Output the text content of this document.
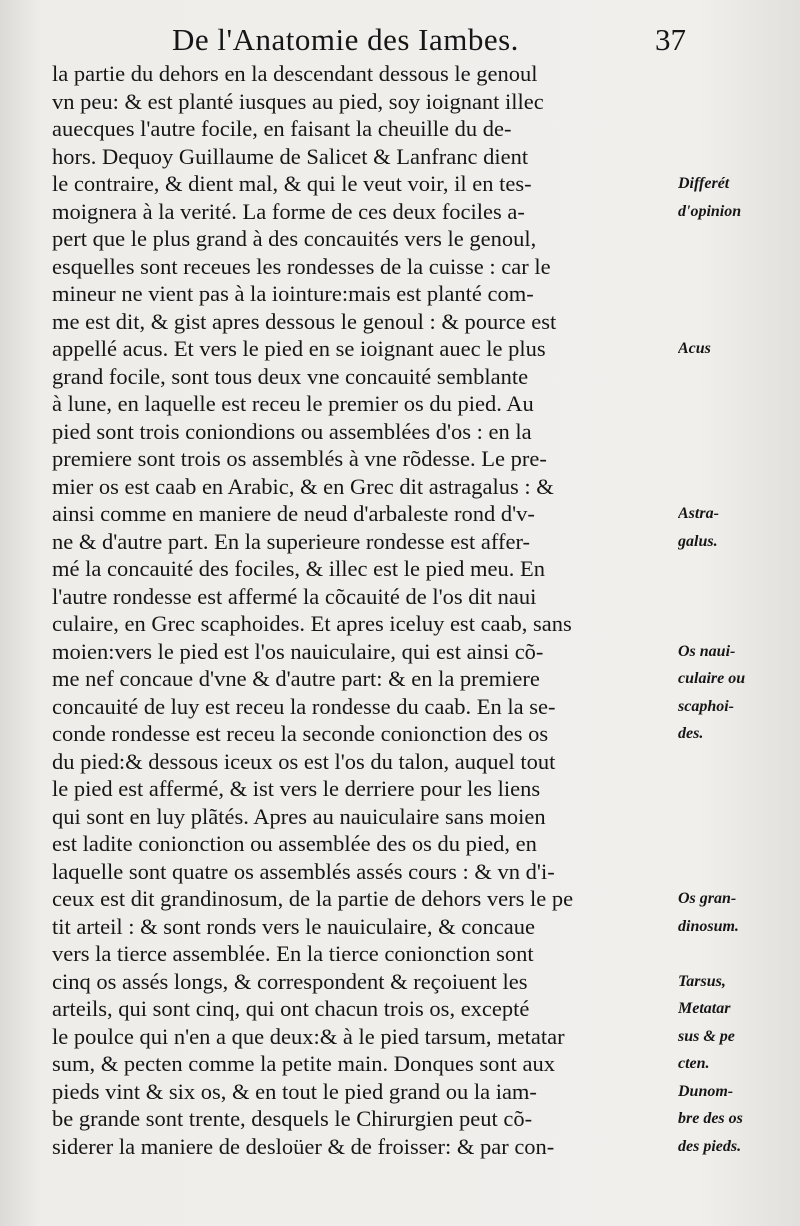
De l'Anatomie des Iambes.	37
la partie du dehors en la descendant dessous le genoul
vn peu: & est planté iusques au pied, soy ioignant illec
auecques l'autre focile, en faisant la cheuille du de-
hors. Dequoy Guillaume de Salicet & Lanfranc dient
le contraire, & dient mal, & qui le veut voir, il en tes-
moignera à la verité. La forme de ces deux fociles a-
pert que le plus grand à des concauités vers le genoul,
esquelles sont receues les rondesses de la cuisse : car le
mineur ne vient pas à la iointure:mais est planté com-
me est dit, & gist apres dessous le genoul : & pource est
appellé acus. Et vers le pied en se ioignant auec le plus
grand focile, sont tous deux vne concauité semblante
à lune, en laquelle est receu le premier os du pied. Au
pied sont trois coniondions ou assemblées d'os : en la
premiere sont trois os assemblés à vne rõdesse. Le pre-
mier os est caab en Arabic, & en Grec dit astragalus : &
ainsi comme en maniere de neud d'arbaleste rond d'v-
ne & d'autre part. En la superieure rondesse est affer-
mé la concauité des fociles, & illec est le pied meu. En
l'autre rondesse est affermé la cõcauité de l'os dit naui
culaire, en Grec scaphoides. Et apres iceluy est caab, sans
moien:vers le pied est l'os nauiculaire, qui est ainsi cõ-
me nef concaue d'vne & d'autre part: & en la premiere
concauité de luy est receu la rondesse du caab. En la se-
conde rondesse est receu la seconde conionction des os
du pied:& dessous iceux os est l'os du talon, auquel tout
le pied est affermé, & ist vers le derriere pour les liens
qui sont en luy plãtés. Apres au nauiculaire sans moien
est ladite conionction ou assemblée des os du pied, en
laquelle sont quatre os assemblés assés cours : & vn d'i-
ceux est dit grandinosum, de la partie de dehors vers le pe
tit arteil : & sont ronds vers le nauiculaire, & concaue
vers la tierce assemblée. En la tierce conionction sont
cinq os assés longs, & correspondent & reçoiuent les
arteils, qui sont cinq, qui ont chacun trois os, excepté
le poulce qui n'en a que deux:& à le pied tarsum, metatar
sum, & pecten comme la petite main. Donques sont aux
pieds vint & six os, & en tout le pied grand ou la iam-
be grande sont trente, desquels le Chirurgien peut cõ-
siderer la maniere de desloüer & de froisser: & par con-
Differét
d'opinion
Acus
Astra-
galus.
Os naui-
culaire ou
scaphoi-
des.
Os gran-
dinosum.
Tarsus,
Metatar
sus & pe
cten.
Dunom-
bre des os
des pieds.
